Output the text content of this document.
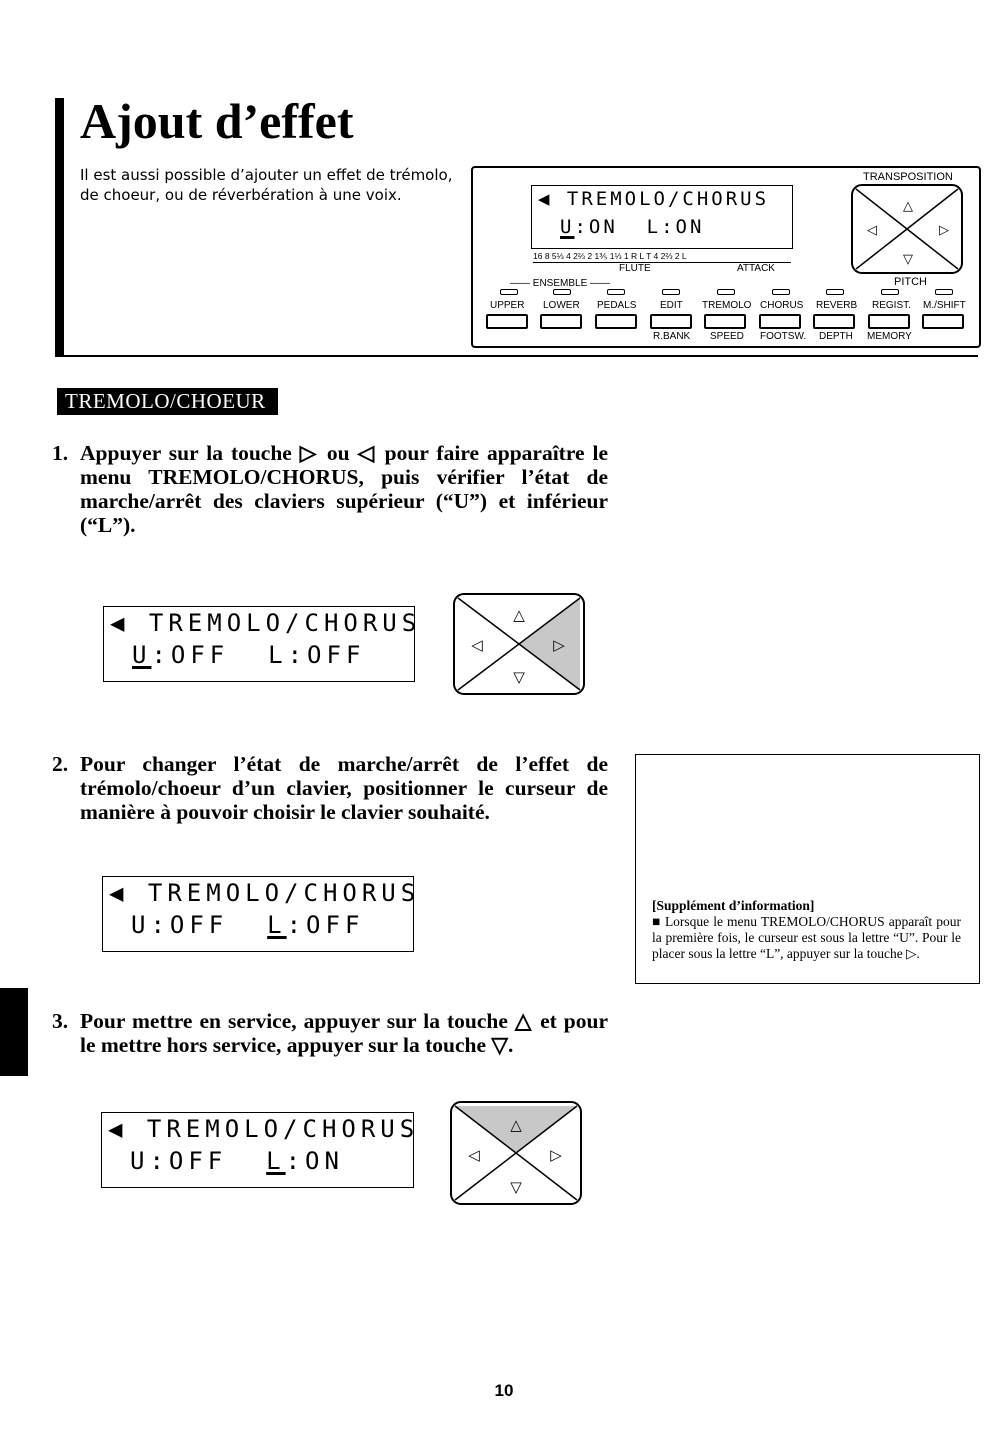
Ajout d’effet
Il est aussi possible d’ajouter un effet de trémolo, de choeur, ou de réverbération à une voix.	◀ TREMOLO/CHORUS
U:ON  L:ON
16 8 5⅓ 4 2⅔ 2 1⅗ 1⅓ 1 R L T 4 2⅔ 2 L
FLUTE	ATTACK
TRANSPOSITION
△
▽
◁	▷
PITCH
—— ENSEMBLE ——
UPPER LOWER PEDALS EDIT TREMOLO CHORUS REVERB REGIST. M./SHIFT
R.BANK SPEED FOOTSW. DEPTH MEMORY
TREMOLO/CHOEUR
1. Appuyer sur la touche ▷ ou ◁ pour faire apparaître le menu TREMOLO/CHORUS, puis vérifier l’état de marche/arrêt des claviers supérieur (“U”) et inférieur (“L”).
◀ TREMOLO/CHORUS
U:OFF  L:OFF
△
▽
◁	▷
2. Pour changer l’état de marche/arrêt de l’effet de trémolo/choeur d’un clavier, positionner le curseur de manière à pouvoir choisir le clavier souhaité.
◀ TREMOLO/CHORUS
U:OFF  L:OFF
[Supplément d’information]
■ Lorsque le menu TREMOLO/CHORUS apparaît pour la première fois, le curseur est sous la lettre “U”. Pour le placer sous la lettre “L”, appuyer sur la touche ▷.
3. Pour mettre en service, appuyer sur la touche △ et pour le mettre hors service, appuyer sur la touche ▽.
◀ TREMOLO/CHORUS
U:OFF  L:ON
△
▽
◁	▷
10
